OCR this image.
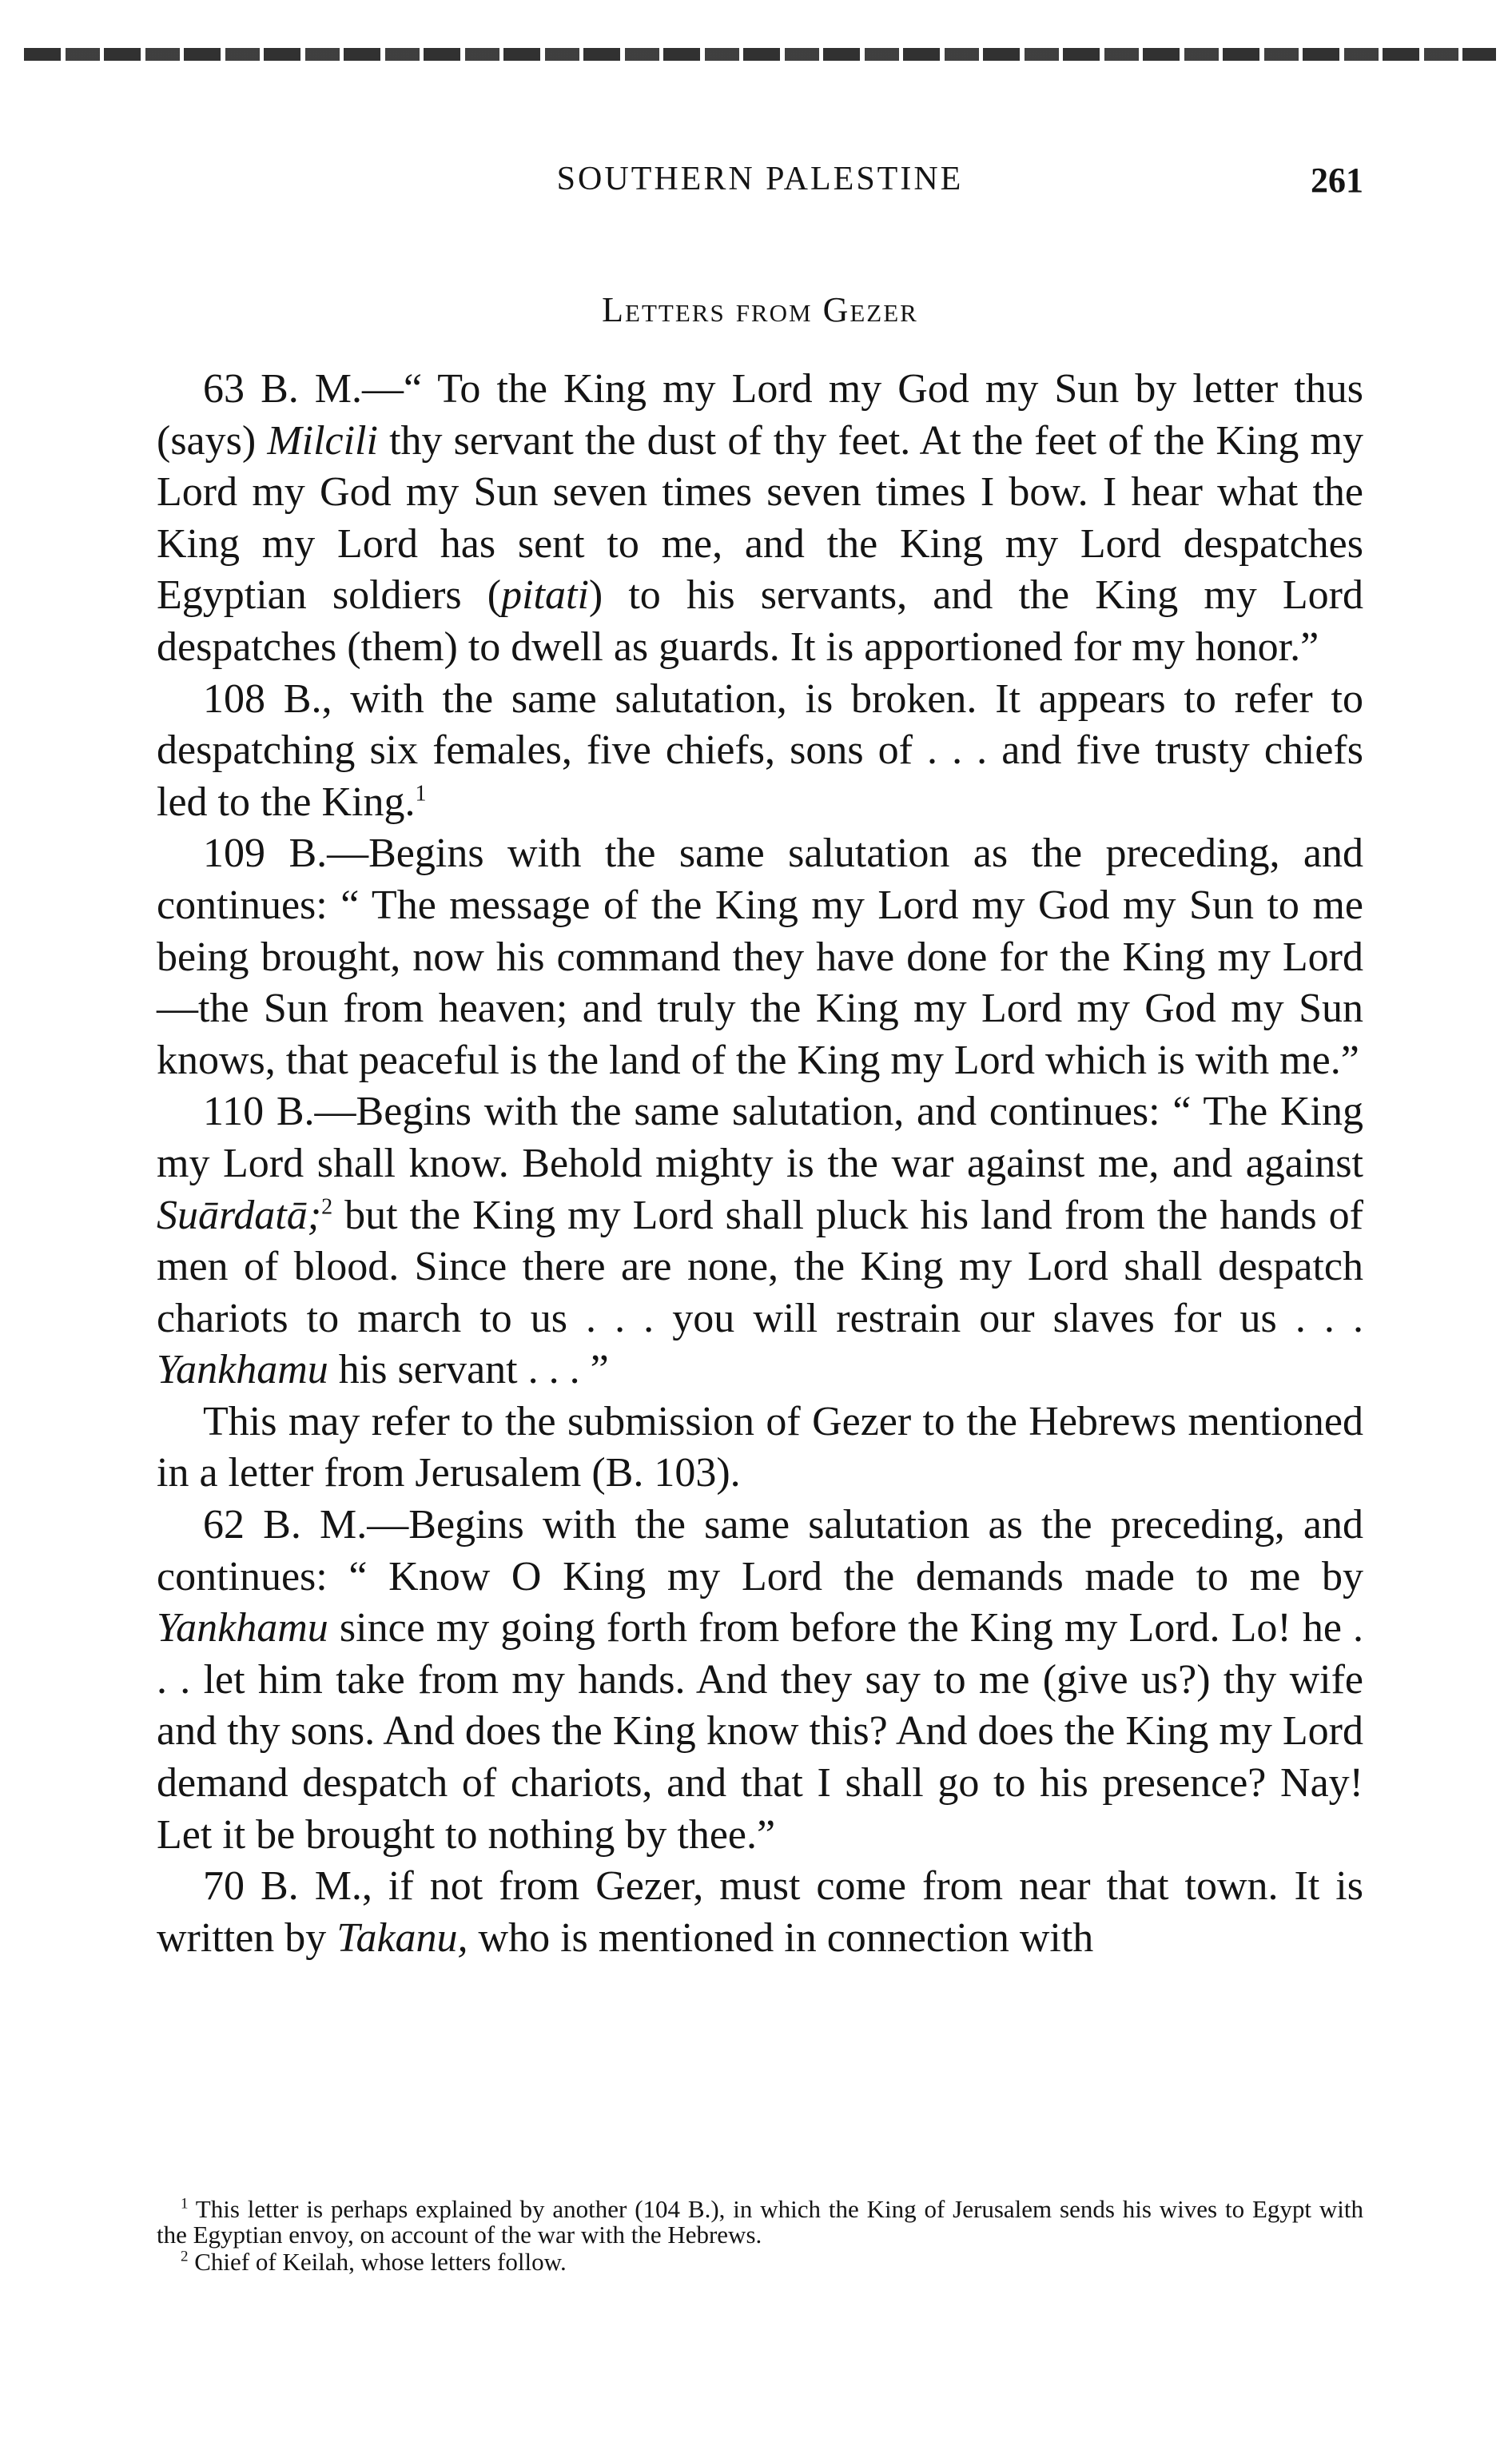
SOUTHERN PALESTINE	261
Letters from Gezer

63 B. M.—“ To the King my Lord my God my Sun by letter thus (says) Milcili thy servant the dust of thy feet. At the feet of the King my Lord my God my Sun seven times seven times I bow. I hear what the King my Lord has sent to me, and the King my Lord despatches Egyptian soldiers (pitati) to his servants, and the King my Lord despatches (them) to dwell as guards. It is apportioned for my honor.”

108 B., with the same salutation, is broken. It appears to refer to despatching six females, five chiefs, sons of . . . and five trusty chiefs led to the King.$^1$

109 B.—Begins with the same salutation as the preceding, and continues: “ The message of the King my Lord my God my Sun to me being brought, now his command they have done for the King my Lord—the Sun from heaven; and truly the King my Lord my God my Sun knows, that peaceful is the land of the King my Lord which is with me.”

110 B.—Begins with the same salutation, and continues: “ The King my Lord shall know. Behold mighty is the war against me, and against Suārdatā;$^2$ but the King my Lord shall pluck his land from the hands of men of blood. Since there are none, the King my Lord shall despatch chariots to march to us . . . you will restrain our slaves for us . . . Yankhamu his servant . . . ”

This may refer to the submission of Gezer to the Hebrews mentioned in a letter from Jerusalem (B. 103).

62 B. M.—Begins with the same salutation as the preceding, and continues: “ Know O King my Lord the demands made to me by Yankhamu since my going forth from before the King my Lord. Lo! he . . . let him take from my hands. And they say to me (give us?) thy wife and thy sons. And does the King know this? And does the King my Lord demand despatch of chariots, and that I shall go to his presence? Nay! Let it be brought to nothing by thee.”

70 B. M., if not from Gezer, must come from near that town. It is written by Takanu, who is mentioned in connection with

$^1$ This letter is perhaps explained by another (104 B.), in which the King of Jerusalem sends his wives to Egypt with the Egyptian envoy, on account of the war with the Hebrews.

$^2$ Chief of Keilah, whose letters follow.
